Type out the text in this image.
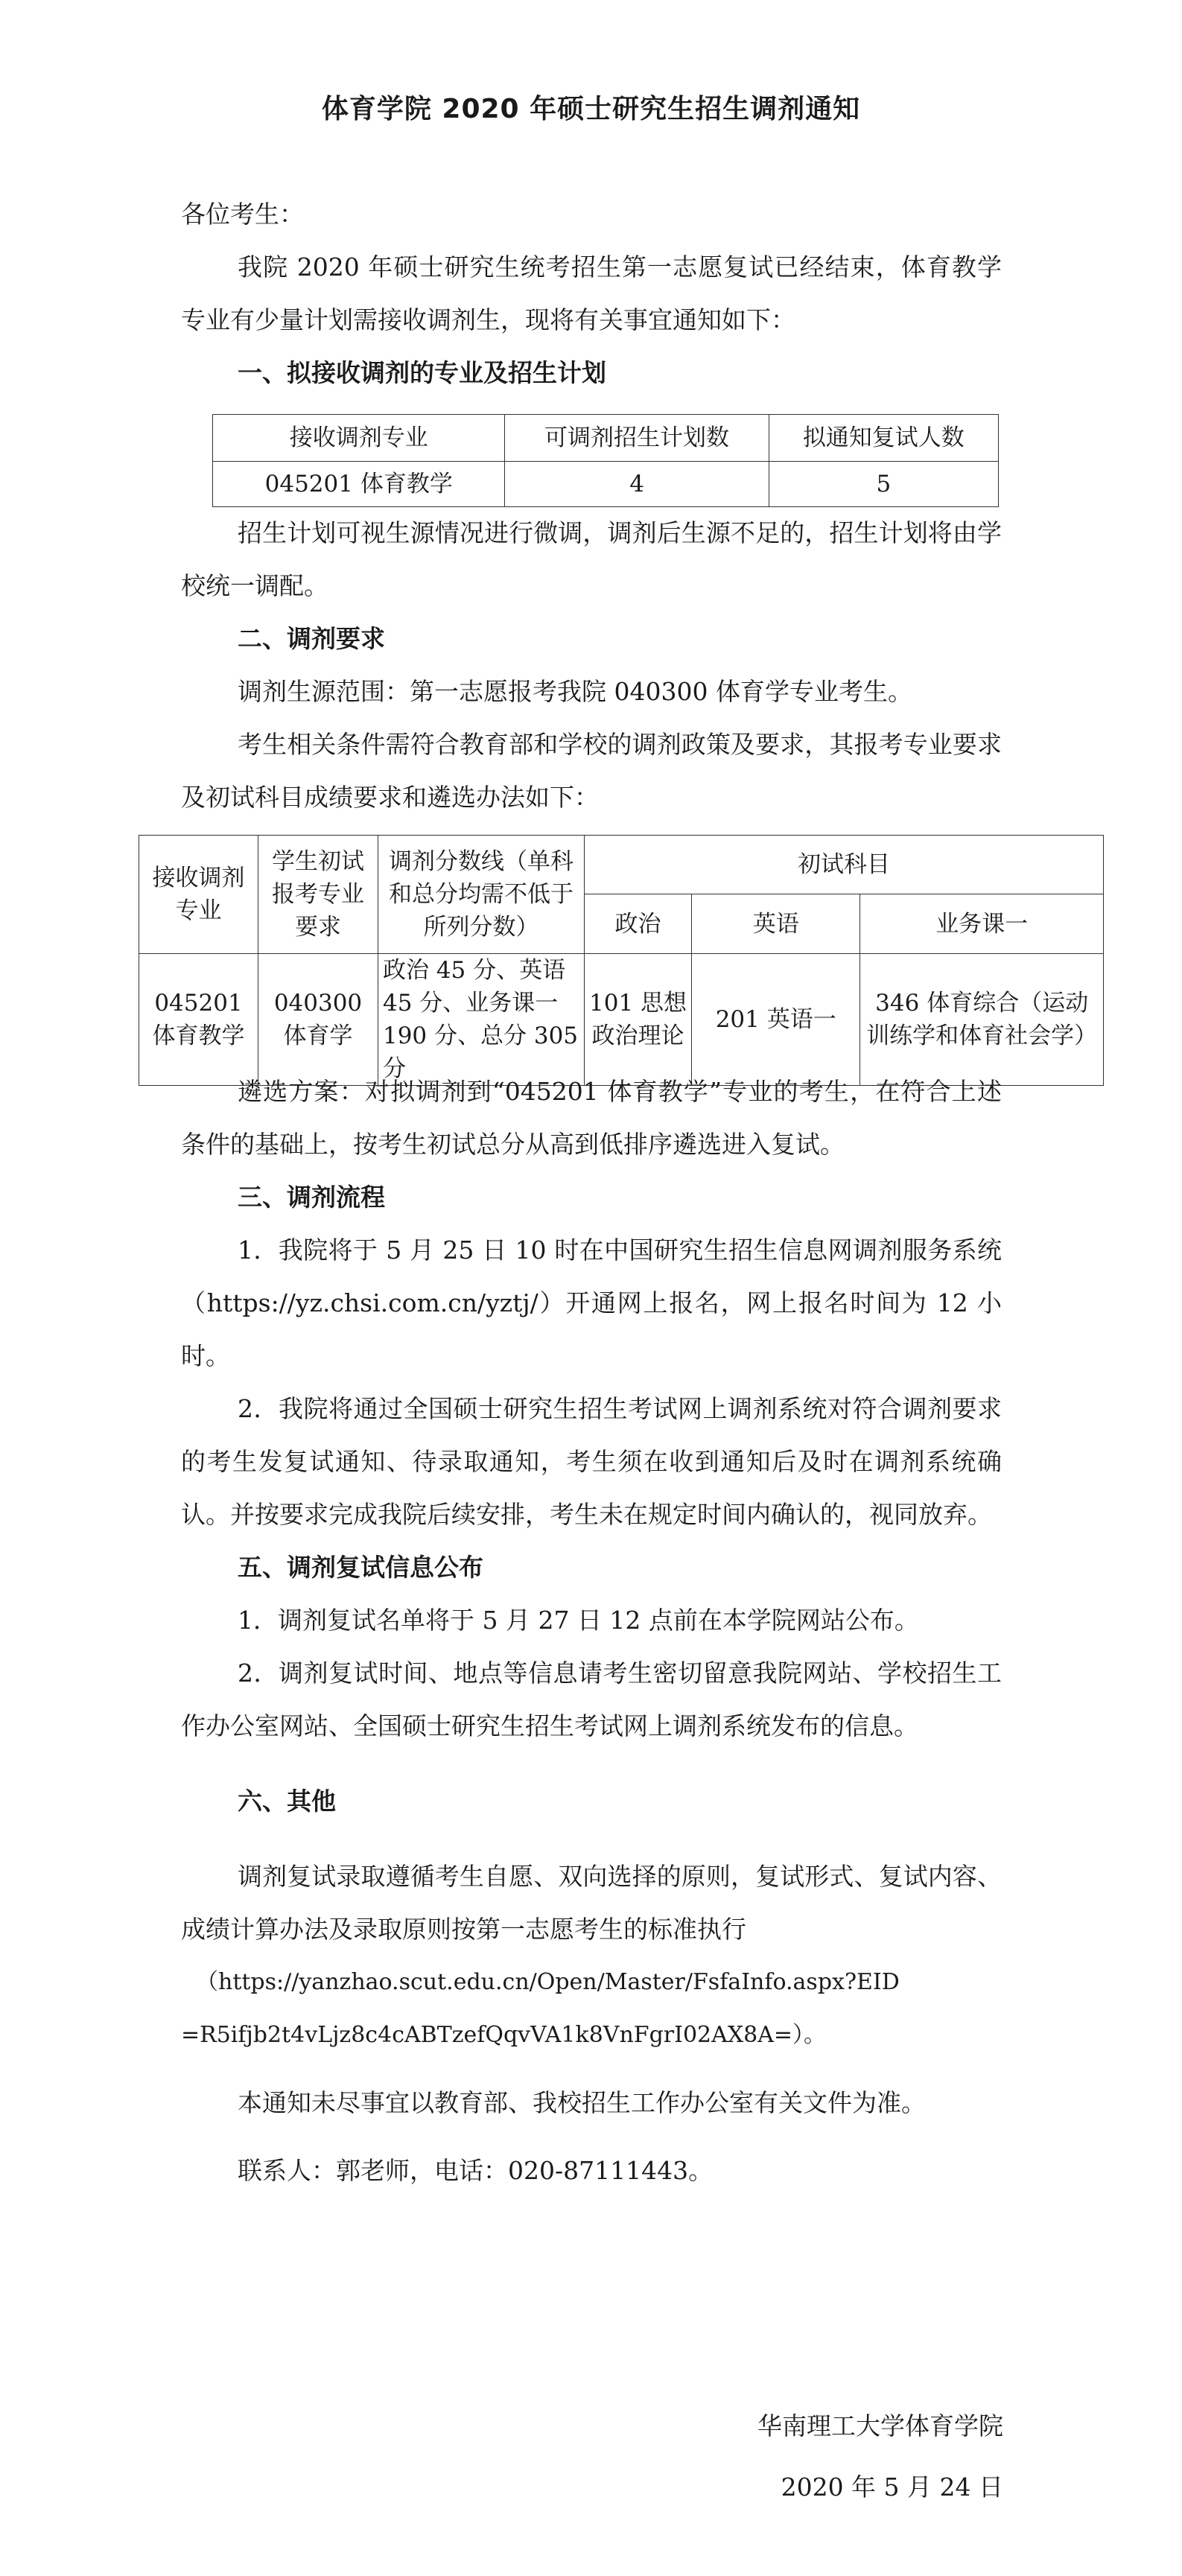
体育学院 2020 年硕士研究生招生调剂通知

各位考生：

我院 2020 年硕士研究生统考招生第一志愿复试已经结束，体育教学专业有少量计划需接收调剂生，现将有关事宜通知如下：

一、拟接收调剂的专业及招生计划

接收调剂专业	可调剂招生计划数	拟通知复试人数
045201 体育教学	4	5

招生计划可视生源情况进行微调，调剂后生源不足的，招生计划将由学校统一调配。

二、调剂要求

调剂生源范围：第一志愿报考我院 040300 体育学专业考生。

考生相关条件需符合教育部和学校的调剂政策及要求，其报考专业要求及初试科目成绩要求和遴选办法如下：

接收调剂专业	学生初试报考专业要求	调剂分数线（单科和总分均需不低于所列分数）	初试科目		
			政治	英语	业务课一
045201 体育教学	040300 体育学	政治 45 分、英语 45 分、业务课一 190 分、总分 305 分	101 思想政治理论	201 英语一	346 体育综合（运动训练学和体育社会学）

遴选方案：对拟调剂到“045201 体育教学”专业的考生，在符合上述条件的基础上，按考生初试总分从高到低排序遴选进入复试。

三、调剂流程

1．我院将于 5 月 25 日 10 时在中国研究生招生信息网调剂服务系统（https://yz.chsi.com.cn/yztj/）开通网上报名，网上报名时间为 12 小时。

2．我院将通过全国硕士研究生招生考试网上调剂系统对符合调剂要求的考生发复试通知、待录取通知，考生须在收到通知后及时在调剂系统确认。并按要求完成我院后续安排，考生未在规定时间内确认的，视同放弃。

五、调剂复试信息公布

1．调剂复试名单将于 5 月 27 日 12 点前在本学院网站公布。

2．调剂复试时间、地点等信息请考生密切留意我院网站、学校招生工作办公室网站、全国硕士研究生招生考试网上调剂系统发布的信息。

六、其他

调剂复试录取遵循考生自愿、双向选择的原则，复试形式、复试内容、成绩计算办法及录取原则按第一志愿考生的标准执行

（https://yanzhao.scut.edu.cn/Open/Master/FsfaInfo.aspx?EID

=R5ifjb2t4vLjz8c4cABTzefQqvVA1k8VnFgrI02AX8A=）。

本通知未尽事宜以教育部、我校招生工作办公室有关文件为准。

联系人：郭老师，电话：020-87111443。

华南理工大学体育学院
2020 年 5 月 24 日
